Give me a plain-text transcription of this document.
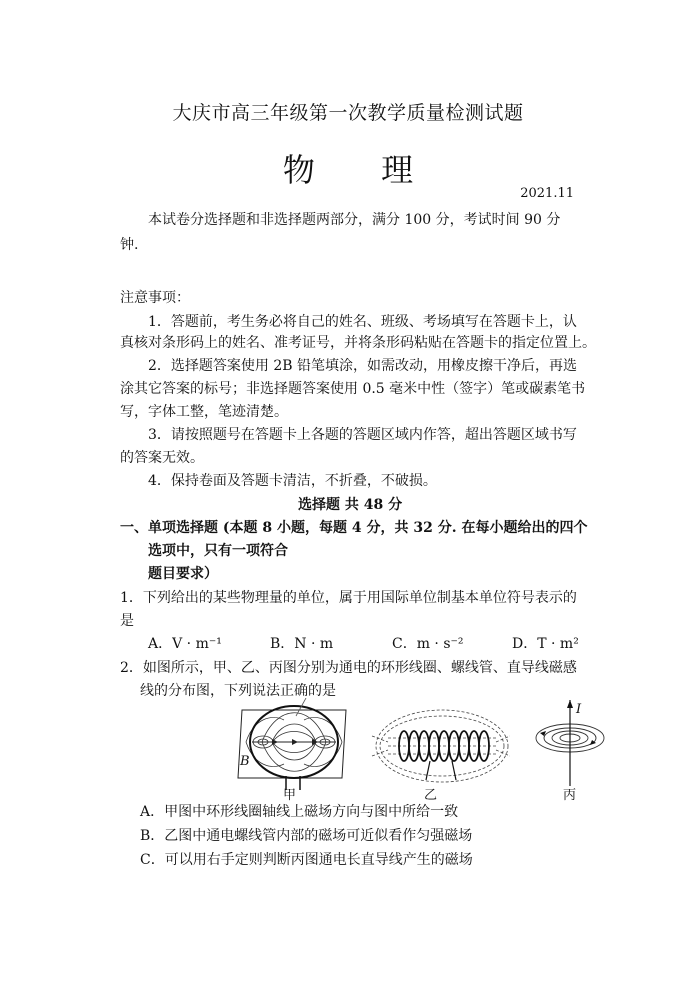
大庆市高三年级第一次教学质量检测试题
物 理
2021.11
本试卷分选择题和非选择题两部分，满分 100 分，考试时间 90 分
钟.
注意事项：
1．答题前，考生务必将自己的姓名、班级、考场填写在答题卡上，认
真核对条形码上的姓名、准考证号，并将条形码粘贴在答题卡的指定位置上。
2．选择题答案使用 2B 铅笔填涂，如需改动，用橡皮擦干净后，再选
涂其它答案的标号；非选择题答案使用 0.5 毫米中性（签字）笔或碳素笔书
写，字体工整，笔迹清楚。
3．请按照题号在答题卡上各题的答题区域内作答，超出答题区域书写
的答案无效。
4．保持卷面及答题卡清洁，不折叠，不破损。
选择题 共 48 分
一、单项选择题 (本题 8 小题，每题 4 分，共 32 分. 在每小题给出的四个
选项中，只有一项符合
题目要求）
1．下列给出的某些物理量的单位，属于用国际单位制基本单位符号表示的
是
A．V · m⁻¹	B．N · m	C．m · s⁻²	D．T · m²
2．如图所示，甲、乙、丙图分别为通电的环形线圈、螺线管、直导线磁感
线的分布图，下列说法正确的是
B
甲	乙
I
丙
A．甲图中环形线圈轴线上磁场方向与图中所给一致
B．乙图中通电螺线管内部的磁场可近似看作匀强磁场
C．可以用右手定则判断丙图通电长直导线产生的磁场
